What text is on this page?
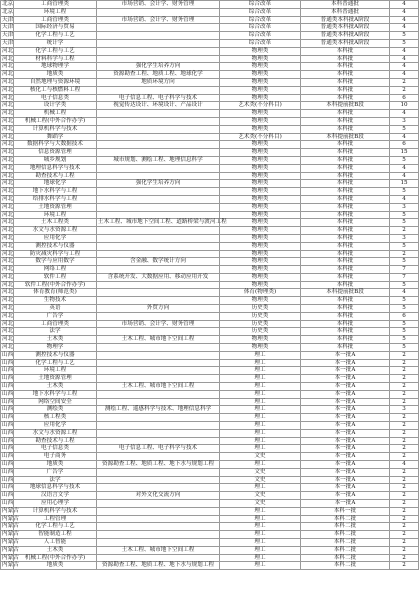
北京	工商管理类	市场营销、会计学、财务管理	综合改革	本科普通批	4
北京	环境工程		综合改革	本科普通批	4
天津	工商管理类	市场营销、会计学、财务管理	综合改革	普通类本科批A阶段	4
天津	国际经济与贸易		综合改革	普通类本科批A阶段	4
天津	化学工程与工艺		综合改革	普通类本科批A阶段	5
天津	统计学		综合改革	普通类本科批A阶段	5
河北	化学工程与工艺		物理类	本科批	4
河北	材料科学与工程		物理类	本科批	4
河北	地球物理学	强化学生培养方向	物理类	本科批	4
河北	地质类	资源勘查工程、地质工程、地球化学	物理类	本科批	4
河北	自然地理与资源环境	地质环境方向	物理类	本科批	2
河北	核化工与核燃料工程		物理类	本科批	2
河北	电子信息类	电子信息工程、电子科学与技术	物理类	本科批	6
河北	设计学类	视觉传达设计、环境设计、产品设计	艺术类(不分科目)	本科提前批B段	10
河北	机械工程		物理类	本科批	4
河北	机械工程(中外合作办学)		物理类	本科批	3
河北	计算机科学与技术		物理类	本科批	5
河北	舞蹈学		艺术类(不分科目)	本科提前批B段	4
河北	数据科学与大数据技术		物理类	本科批	6
河北	信息资源管理		物理类	本科批	15
河北	城乡规划	城市规划、测绘工程、地理信息科学	物理类	本科批	5
河北	地理信息科学与技术		物理类	本科批	4
河北	勘查技术与工程		物理类	本科批	4
河北	地球化学	强化学生培养方向	物理类	本科批	15
河北	地下水科学与工程		物理类	本科批	5
河北	给排水科学与工程		物理类	本科批	4
河北	土地资源管理		物理类	本科批	3
河北	环境工程		物理类	本科批	5
河北	土木工程类	土木工程、城市地下空间工程、道路桥梁与渡河工程	物理类	本科批	5
河北	水文与水资源工程		物理类	本科批	2
河北	应用化学		物理类	本科批	3
河北	测控技术与仪器		物理类	本科批	5
河北	防灾减灾科学与工程		物理类	本科批	2
河北	数学与应用数学	含金融、数学统计方向	物理类	本科批	5
河北	网络工程		物理类	本科批	7
河北	软件工程	含系统开发、大数据应用、移动应用开发	物理类	本科批	7
河北	软件工程(中外合作办学)		物理类	本科批	5
河北	体育教育(师范类)		体育(物理类)	本科提前批B段	4
河北	生物技术		物理类	本科批	5
河北	英语	外贸方向	历史类	本科批	5
河北	广告学		历史类	本科批	6
河北	工商管理类	市场营销、会计学、财务管理	历史类	本科批	5
河北	法学		历史类	本科批	5
河北	土木类	土木工程、城市地下空间工程	物理类	本科批	5
河北	物理学		物理类	本科批	5
山西	测控技术与仪器		理工	本一批A	2
山西	化学工程与工艺		理工	本一批A	2
山西	环境工程		理工	本一批A	2
山西	土地资源管理		理工	本一批A	2
山西	土木类	土木工程、城市地下空间工程	理工	本一批A	2
山西	地下水科学与工程		理工	本一批A	2
山西	网络空间安全		理工	本一批A	2
山西	测绘类	测绘工程、遥感科学与技术、地理信息科学	理工	本一批A	3
山西	核工程类		理工	本一批A	2
山西	应用化学		理工	本一批A	2
山西	水文与水资源工程		理工	本一批A	2
山西	勘查技术与工程		理工	本一批A	2
山西	电子信息类	电子信息工程、电子科学与技术	理工	本一批A	2
山西	电子商务		文史	本一批A	2
山西	地质类	资源勘查工程、地质工程、地下水与规划工程	理工	本一批A	4
山西	广告学		文史	本一批A	2
山西	法学		文史	本一批A	2
山西	地球信息科学与技术		理工	本一批A	2
山西	汉语言文学	对外文化交流方向	文史	本一批A	2
山西	应用心理学		文史	本一批A	2
内蒙古	计算机科学与技术		理工	本科一批	2
内蒙古	工程管理		理工	本科二批	2
内蒙古	化学工程与工艺		理工	本科二批	2
内蒙古	智能制造工程		理工	本科二批	2
内蒙古	人工智能		理工	本科二批	2
内蒙古	土木类	土木工程、城市地下空间工程	理工	本科二批	2
内蒙古	机械工程(中外合作办学)		理工	本科二批	2
内蒙古	地质类	资源勘查工程、地质工程、地下水与规划工程	理工	本科二批	2
